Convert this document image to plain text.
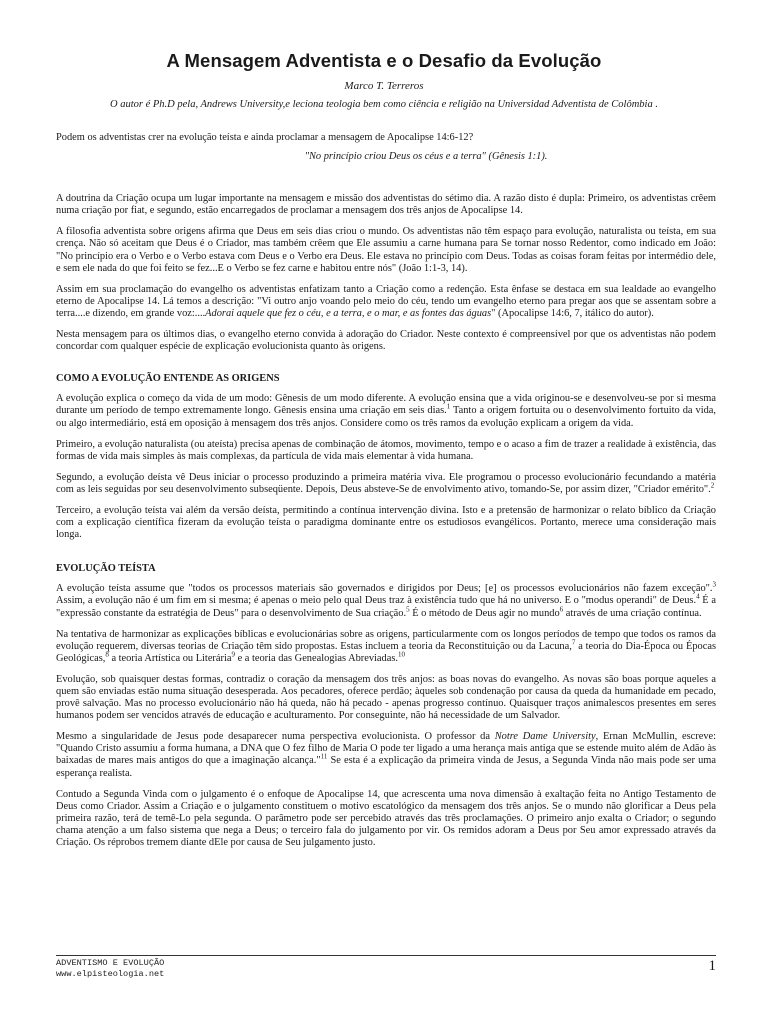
A Mensagem Adventista e o Desafio da Evolução
Marco T. Terreros
O autor é Ph.D pela, Andrews University,e leciona teologia bem como ciência e religião na Universidad Adventista de Colômbia .

Podem os adventistas crer na evolução teísta e ainda proclamar a mensagem de Apocalipse 14:6-12?

"No princípio criou Deus os céus e a terra" (Gênesis 1:1).

A doutrina da Criação ocupa um lugar importante na mensagem e missão dos adventistas do sétimo dia. A razão disto é dupla: Primeiro, os adventistas crêem numa criação por fiat, e segundo, estão encarregados de proclamar a mensagem dos três anjos de Apocalipse 14.

A filosofia adventista sobre origens afirma que Deus em seis dias criou o mundo. Os adventistas não têm espaço para evolução, naturalista ou teísta, em sua crença. Não só aceitam que Deus é o Criador, mas também crêem que Ele assumiu a carne humana para Se tornar nosso Redentor, como indicado em João: "No princípio era o Verbo e o Verbo estava com Deus e o Verbo era Deus. Ele estava no princípio com Deus. Todas as coisas foram feitas por intermédio dele, e sem ele nada do que foi feito se fez...E o Verbo se fez carne e habitou entre nós" (João 1:1-3, 14).

Assim em sua proclamação do evangelho os adventistas enfatizam tanto a Criação como a redenção. Esta ênfase se destaca em sua lealdade ao evangelho eterno de Apocalipse 14. Lá temos a descrição: "Vi outro anjo voando pelo meio do céu, tendo um evangelho eterno para pregar aos que se assentam sobre a terra....e dizendo, em grande voz:....Adorai aquele que fez o céu, e a terra, e o mar, e as fontes das águas" (Apocalipse 14:6, 7, itálico do autor).

Nesta mensagem para os últimos dias, o evangelho eterno convida à adoração do Criador. Neste contexto é compreensível por que os adventistas não podem concordar com qualquer espécie de explicação evolucionista quanto às origens.

COMO A EVOLUÇÃO ENTENDE AS ORIGENS

A evolução explica o começo da vida de um modo: Gênesis de um modo diferente. A evolução ensina que a vida originou-se e desenvolveu-se por si mesma durante um período de tempo extremamente longo. Gênesis ensina uma criação em seis dias.$^1$ Tanto a origem fortuita ou o desenvolvimento fortuito da vida, ou algo intermediário, está em oposição à mensagem dos três anjos. Considere como os três ramos da evolução explicam a origem da vida.

Primeiro, a evolução naturalista (ou ateísta) precisa apenas de combinação de átomos, movimento, tempo e o acaso a fim de trazer a realidade à existência, das formas de vida mais simples às mais complexas, da partícula de vida mais elementar à vida humana.

Segundo, a evolução deísta vê Deus iniciar o processo produzindo a primeira matéria viva. Ele programou o processo evolucionário fecundando a matéria com as leis seguidas por seu desenvolvimento subseqüente. Depois, Deus absteve-Se de envolvimento ativo, tomando-Se, por assim dizer, "Criador emérito".$^2$

Terceiro, a evolução teísta vai além da versão deísta, permitindo a contínua intervenção divina. Isto e a pretensão de harmonizar o relato bíblico da Criação com a explicação científica fizeram da evolução teísta o paradigma dominante entre os estudiosos evangélicos. Portanto, merece uma consideração mais longa.

EVOLUÇÃO TEÍSTA

A evolução teísta assume que "todos os processos materiais são governados e dirigidos por Deus; [e] os processos evolucionários não fazem exceção".$^3$ Assim, a evolução não é um fim em si mesma; é apenas o meio pelo qual Deus traz à existência tudo que há no universo. E o "modus operandi" de Deus.$^4$ É a "expressão constante da estratégia de Deus" para o desenvolvimento de Sua criação.$^5$ É o método de Deus agir no mundo$^6$ através de uma criação contínua.

Na tentativa de harmonizar as explicações bíblicas e evolucionárias sobre as origens, particularmente com os longos períodos de tempo que todos os ramos da evolução requerem, diversas teorias de Criação têm sido propostas. Estas incluem a teoria da Reconstituição ou da Lacuna,$^7$ a teoria do Dia-Época ou Épocas Geológicas,$^8$ a teoria Artística ou Literária$^9$ e a teoria das Genealogias Abreviadas.$^{10}$

Evolução, sob quaisquer destas formas, contradiz o coração da mensagem dos três anjos: as boas novas do evangelho. As novas são boas porque aqueles a quem são enviadas estão numa situação desesperada. Aos pecadores, oferece perdão; àqueles sob condenação por causa da queda da humanidade em pecado, provê salvação. Mas no processo evolucionário não há queda, não há pecado - apenas progresso contínuo. Quaisquer traços animalescos presentes em seres humanos podem ser vencidos através de educação e aculturamento. Por conseguinte, não há necessidade de um Salvador.

Mesmo a singularidade de Jesus pode desaparecer numa perspectiva evolucionista. O professor da Notre Dame University, Ernan McMullin, escreve: "Quando Cristo assumiu a forma humana, a DNA que O fez filho de Maria O pode ter ligado a uma herança mais antiga que se estende muito além de Adão às baixadas de mares mais antigos do que a imaginação alcança."$^{11}$ Se esta é a explicação da primeira vinda de Jesus, a Segunda Vinda não mais pode ser uma esperança realista.

Contudo a Segunda Vinda com o julgamento é o enfoque de Apocalipse 14, que acrescenta uma nova dimensão à exaltação feita no Antigo Testamento de Deus como Criador. Assim a Criação e o julgamento constituem o motivo escatológico da mensagem dos três anjos. Se o mundo não glorificar a Deus pela primeira razão, terá de temê-Lo pela segunda. O parâmetro pode ser percebido através das três proclamações. O primeiro anjo exalta o Criador; o segundo chama atenção a um falso sistema que nega a Deus; o terceiro fala do julgamento por vir. Os remidos adoram a Deus por Seu amor expressado através da Criação. Os réprobos tremem diante dEle por causa de Seu julgamento justo.

ADVENTISMO E EVOLUÇÃO
www.elpisteologia.net	1
